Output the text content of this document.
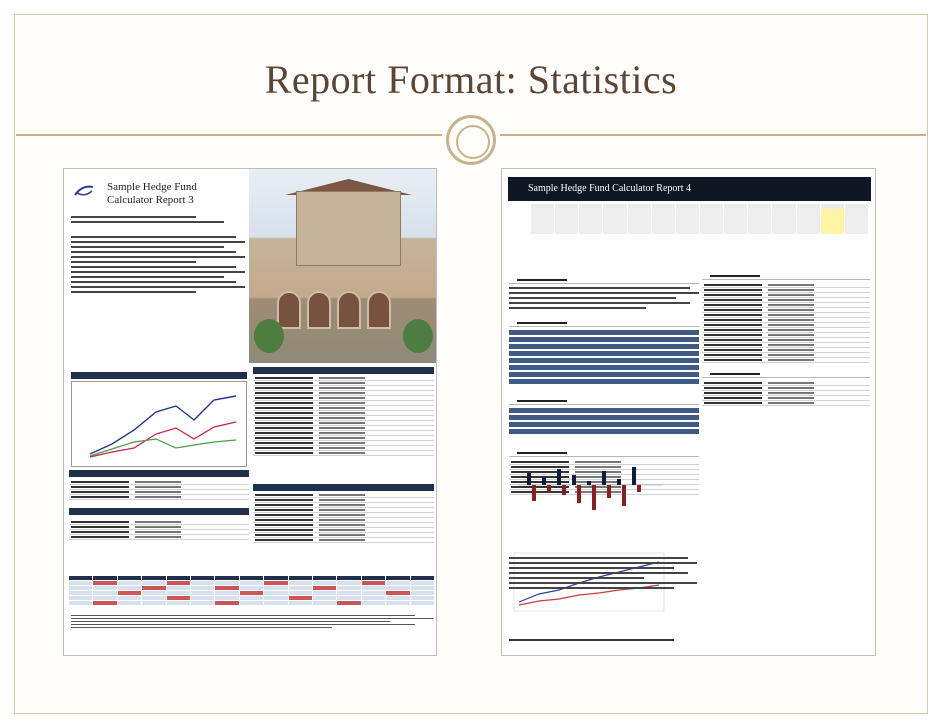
Report Format: Statistics
Sample Hedge Fund
Calculator Report 3
Sample Hedge Fund Calculator Report 4
